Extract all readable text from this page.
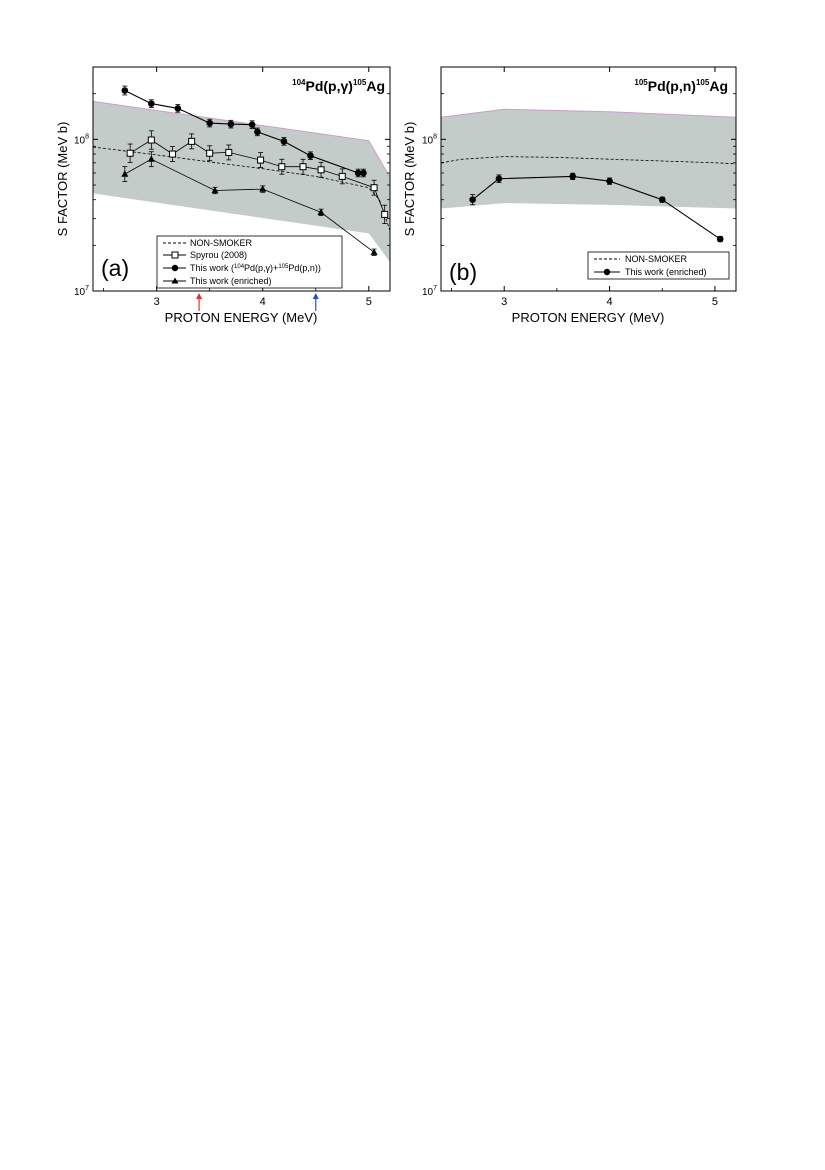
3	4	5
$10^7$
$10^8$
$^{104}Pd(p,\gamma)^{105}Ag$
(a)
PROTON ENERGY (MeV)
S FACTOR (MeV b)
NON-SMOKER
Spyrou (2008)
This work ($^{104}$Pd(p,γ)+$^{105}$Pd(p,n))
This work (enriched)
3	4	5
$10^7$
$10^8$
$^{105}Pd(p,n)^{105}Ag$
(b)
PROTON ENERGY (MeV)
S FACTOR (MeV b)
NON-SMOKER
This work (enriched)
